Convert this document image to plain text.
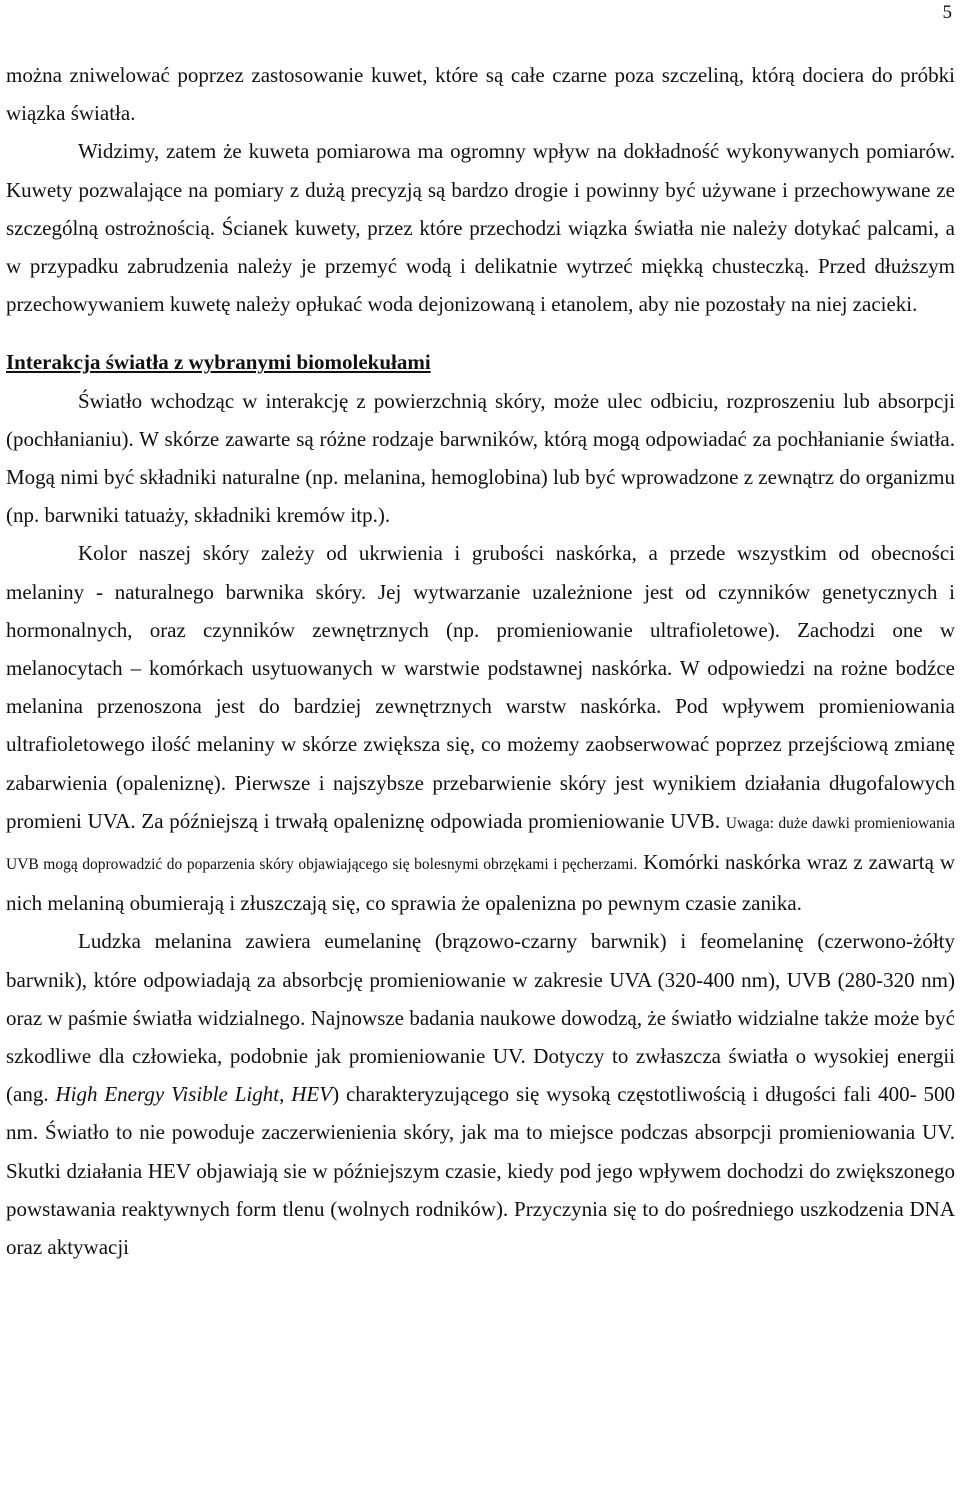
5

można zniwelować poprzez zastosowanie kuwet, które są całe czarne poza szczeliną, którą dociera do próbki wiązka światła.

Widzimy, zatem że kuweta pomiarowa ma ogromny wpływ na dokładność wykonywanych pomiarów. Kuwety pozwalające na pomiary z dużą precyzją są bardzo drogie i powinny być używane i przechowywane ze szczególną ostrożnością. Ścianek kuwety, przez które przechodzi wiązka światła nie należy dotykać palcami, a w przypadku zabrudzenia należy je przemyć wodą i delikatnie wytrzeć miękką chusteczką. Przed dłuższym przechowywaniem kuwetę należy opłukać woda dejonizowaną i etanolem, aby nie pozostały na niej zacieki.

Interakcja światła z wybranymi biomolekułami

Światło wchodząc w interakcję z powierzchnią skóry, może ulec odbiciu, rozproszeniu lub absorpcji (pochłanianiu). W skórze zawarte są różne rodzaje barwników, którą mogą odpowiadać za pochłanianie światła. Mogą nimi być składniki naturalne (np. melanina, hemoglobina) lub być wprowadzone z zewnątrz do organizmu (np. barwniki tatuaży, składniki kremów itp.).

Kolor naszej skóry zależy od ukrwienia i grubości naskórka, a przede wszystkim od obecności melaniny - naturalnego barwnika skóry. Jej wytwarzanie uzależnione jest od czynników genetycznych i hormonalnych, oraz czynników zewnętrznych (np. promieniowanie ultrafioletowe). Zachodzi one w melanocytach – komórkach usytuowanych w warstwie podstawnej naskórka. W odpowiedzi na rożne bodźce melanina przenoszona jest do bardziej zewnętrznych warstw naskórka. Pod wpływem promieniowania ultrafioletowego ilość melaniny w skórze zwiększa się, co możemy zaobserwować poprzez przejściową zmianę zabarwienia (opaleniznę). Pierwsze i najszybsze przebarwienie skóry jest wynikiem działania długofalowych promieni UVA. Za późniejszą i trwałą opaleniznę odpowiada promieniowanie UVB. Uwaga: duże dawki promieniowania UVB mogą doprowadzić do poparzenia skóry objawiającego się bolesnymi obrzękami i pęcherzami. Komórki naskórka wraz z zawartą w nich melaniną obumierają i złuszczają się, co sprawia że opalenizna po pewnym czasie zanika.

Ludzka melanina zawiera eumelaninę (brązowo-czarny barwnik) i feomelaninę (czerwono-żółty barwnik), które odpowiadają za absorbcję promieniowanie w zakresie UVA (320-400 nm), UVB (280-320 nm) oraz w paśmie światła widzialnego. Najnowsze badania naukowe dowodzą, że światło widzialne także może być szkodliwe dla człowieka, podobnie jak promieniowanie UV. Dotyczy to zwłaszcza światła o wysokiej energii (ang. High Energy Visible Light, HEV) charakteryzującego się wysoką częstotliwością i długości fali 400- 500 nm. Światło to nie powoduje zaczerwienienia skóry, jak ma to miejsce podczas absorpcji promieniowania UV. Skutki działania HEV objawiają sie w późniejszym czasie, kiedy pod jego wpływem dochodzi do zwiększonego powstawania reaktywnych form tlenu (wolnych rodników). Przyczynia się to do pośredniego uszkodzenia DNA oraz aktywacji
